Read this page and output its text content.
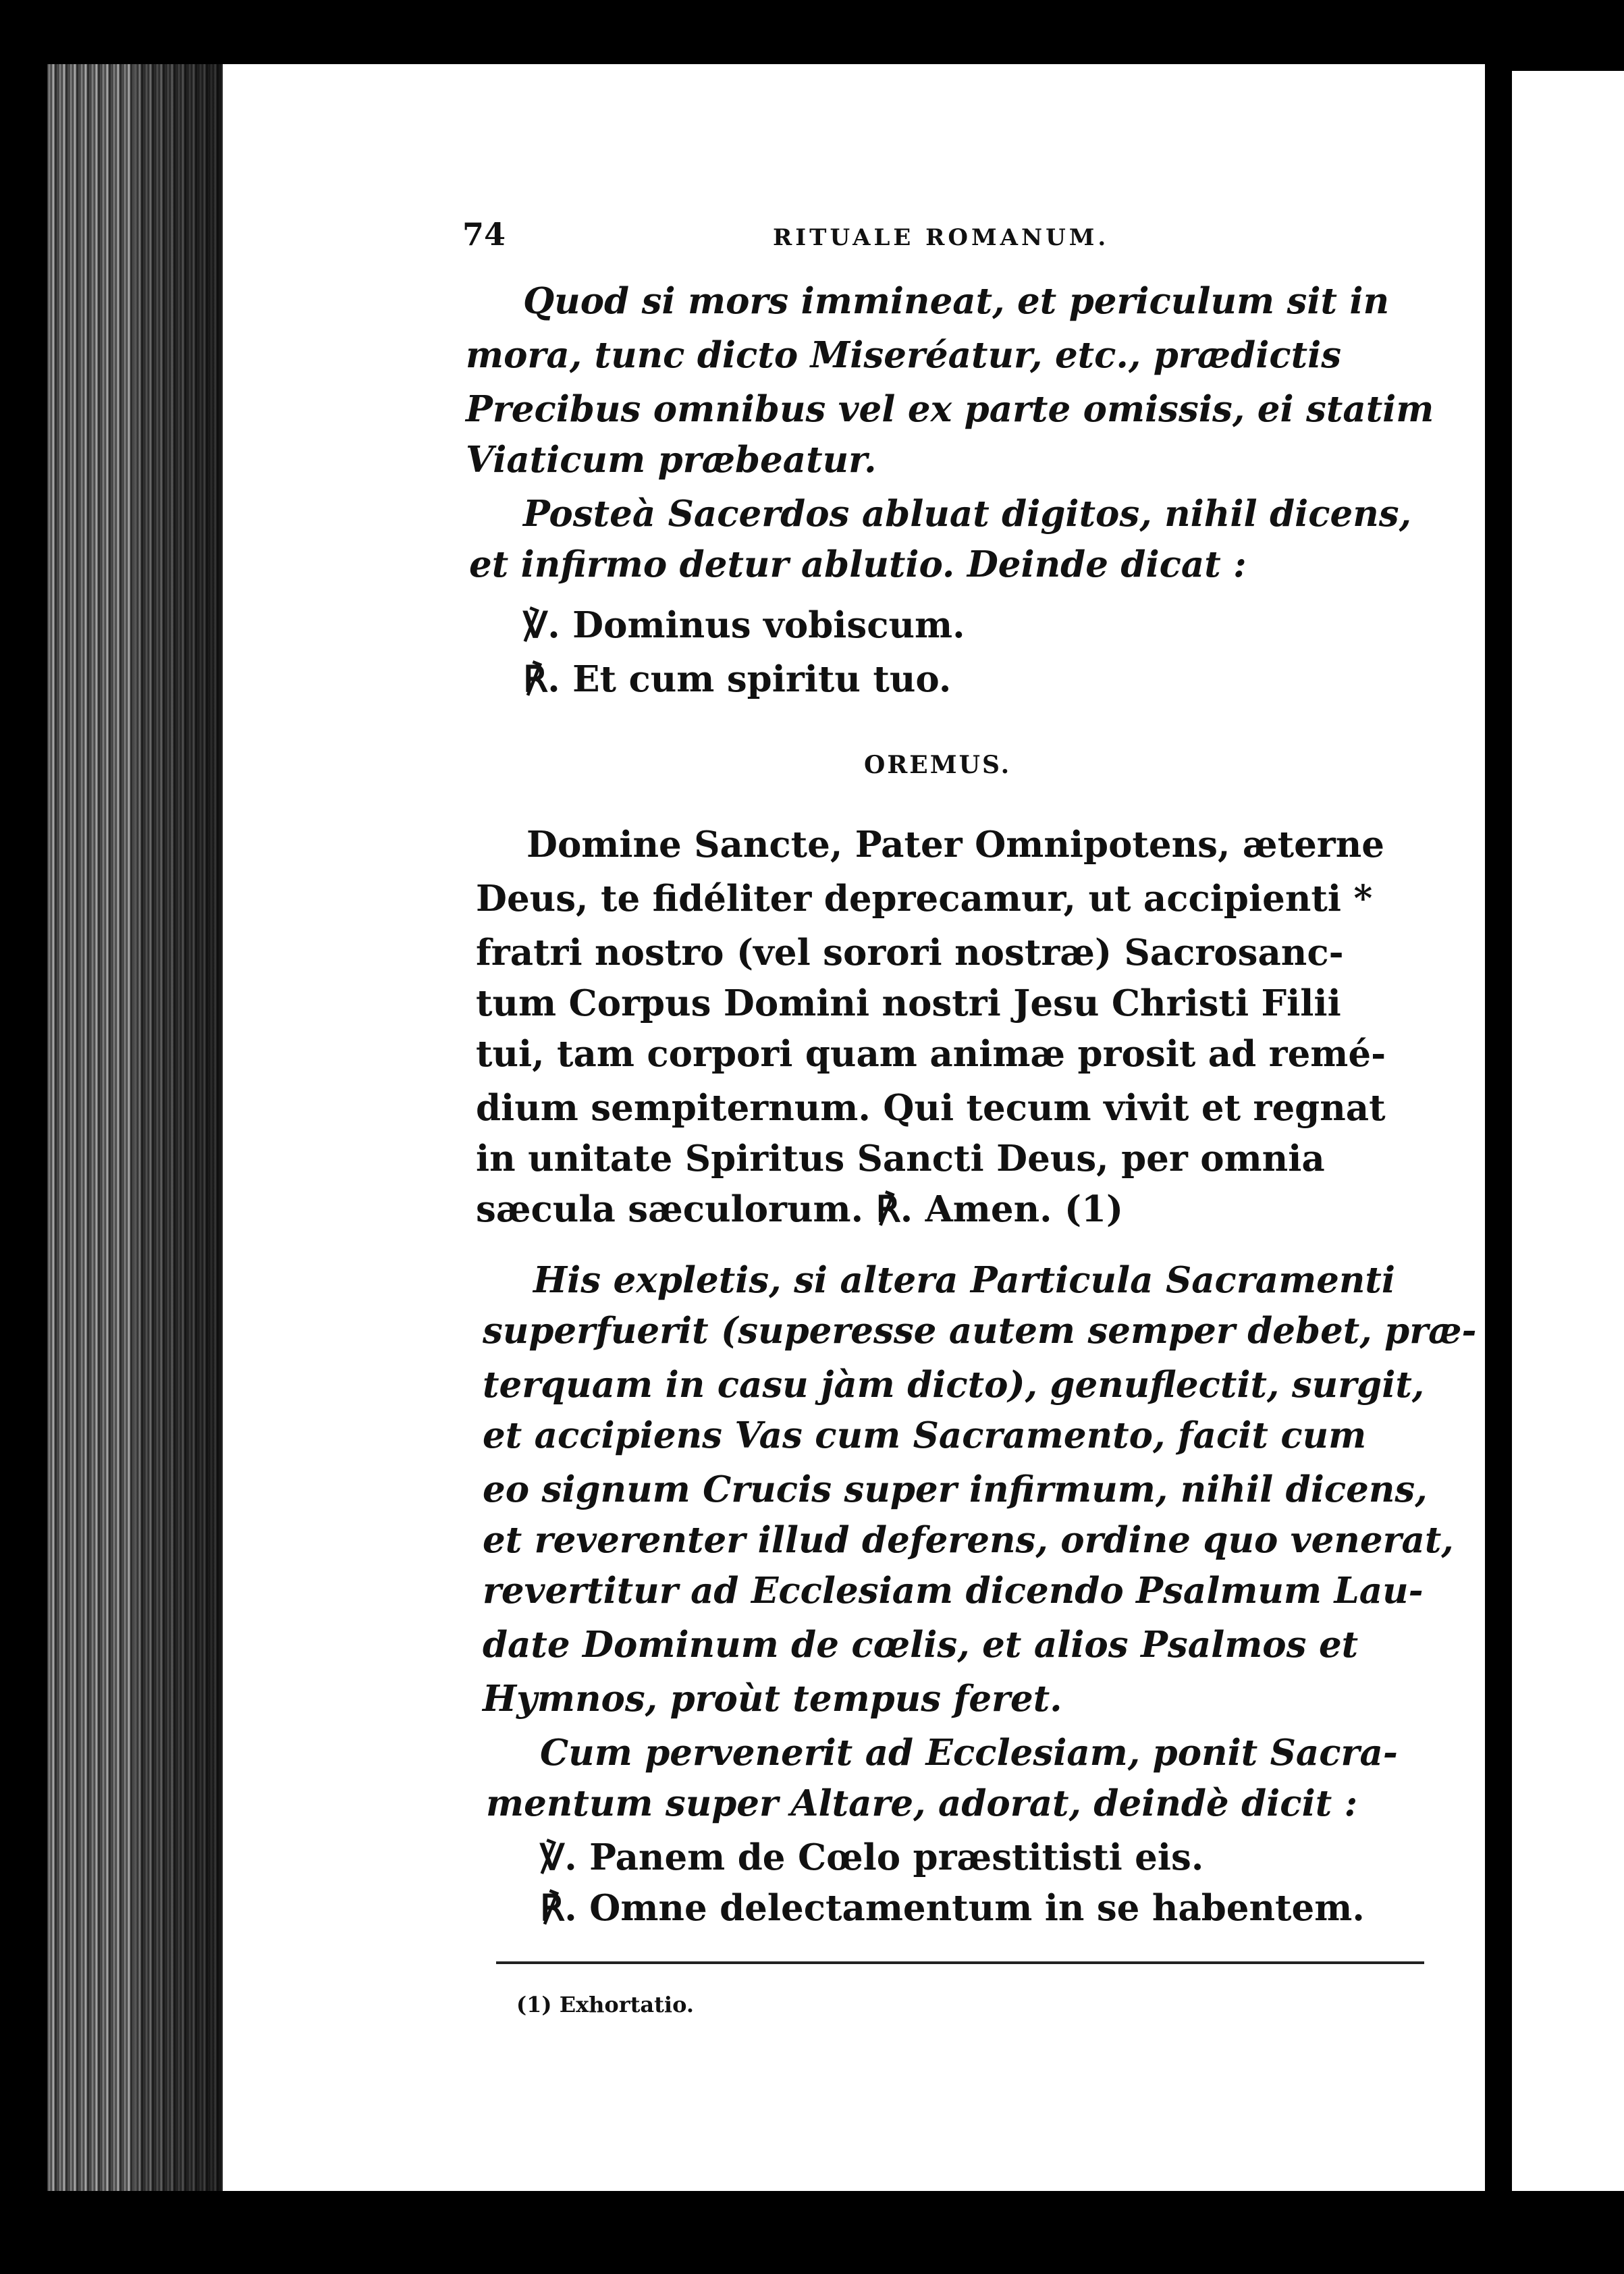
pa qu sa fru et I eor I sig lud C qui cor Par nis ben bus mu
74	RITUALE ROMANUM.
Quod si mors immineat, et periculum sit in
mora, tunc dicto Miseréatur, etc., prædictis
Precibus omnibus vel ex parte omissis, ei statim
Viaticum præbeatur.
Posteà Sacerdos abluat digitos, nihil dicens,
et infirmo detur ablutio. Deinde dicat :
℣. Dominus vobiscum.
℟. Et cum spiritu tuo.
OREMUS.
Domine Sancte, Pater Omnipotens, æterne
Deus, te fidéliter deprecamur, ut accipienti *
fratri nostro (vel sorori nostræ) Sacrosanc-
tum Corpus Domini nostri Jesu Christi Filii
tui, tam corpori quam animæ prosit ad remé-
dium sempiternum. Qui tecum vivit et regnat
in unitate Spiritus Sancti Deus, per omnia
sæcula sæculorum. ℟. Amen. (1)
His expletis, si altera Particula Sacramenti
superfuerit (superesse autem semper debet, præ-
terquam in casu jàm dicto), genuflectit, surgit,
et accipiens Vas cum Sacramento, facit cum
eo signum Crucis super infirmum, nihil dicens,
et reverenter illud deferens, ordine quo venerat,
revertitur ad Ecclesiam dicendo Psalmum Lau-
date Dominum de cœlis, et alios Psalmos et
Hymnos, proùt tempus feret.
Cum pervenerit ad Ecclesiam, ponit Sacra-
mentum super Altare, adorat, deindè dicit :
℣. Panem de Cœlo præstitisti eis.
℟. Omne delectamentum in se habentem.
(1) Exhortatio.
